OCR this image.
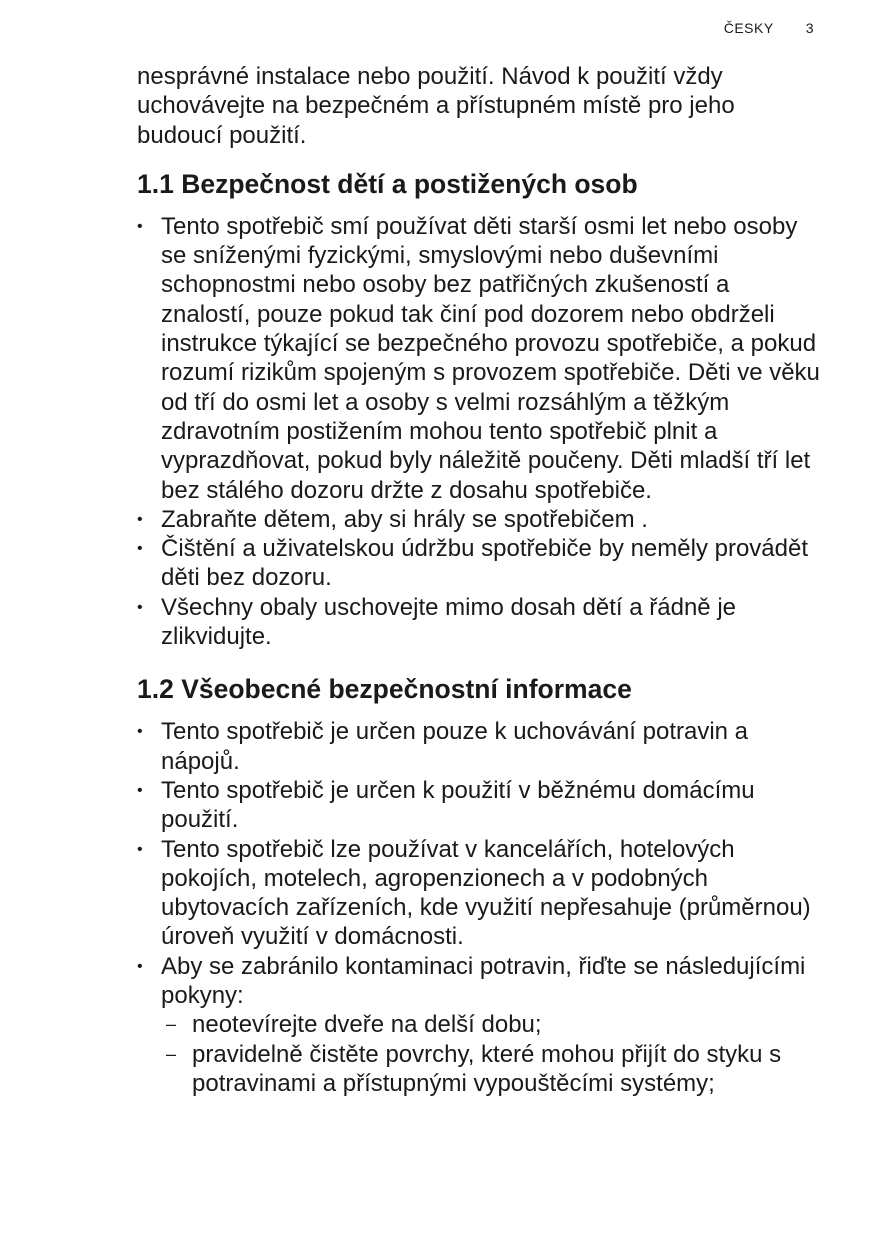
ČESKY 3

nesprávné instalace nebo použití. Návod k použití vždy uchovávejte na bezpečném a přístupném místě pro jeho budoucí použití.

1.1 Bezpečnost dětí a postižených osob
• Tento spotřebič smí používat děti starší osmi let nebo osoby se sníženými fyzickými, smyslovými nebo duševními schopnostmi nebo osoby bez patřičných zkušeností a znalostí, pouze pokud tak činí pod dozorem nebo obdrželi instrukce týkající se bezpečného provozu spotřebiče, a pokud rozumí rizikům spojeným s provozem spotřebiče. Děti ve věku od tří do osmi let a osoby s velmi rozsáhlým a těžkým zdravotním postižením mohou tento spotřebič plnit a vyprazdňovat, pokud byly náležitě poučeny. Děti mladší tří let bez stálého dozoru držte z dosahu spotřebiče.
• Zabraňte dětem, aby si hrály se spotřebičem .
• Čištění a uživatelskou údržbu spotřebiče by neměly provádět děti bez dozoru.
• Všechny obaly uschovejte mimo dosah dětí a řádně je zlikvidujte.
1.2 Všeobecné bezpečnostní informace
• Tento spotřebič je určen pouze k uchovávání potravin a nápojů.
• Tento spotřebič je určen k použití v běžnému domácímu použití.
• Tento spotřebič lze používat v kancelářích, hotelových pokojích, motelech, agropenzionech a v podobných ubytovacích zařízeních, kde využití nepřesahuje (průměrnou) úroveň využití v domácnosti.
• Aby se zabránilo kontaminaci potravin, řiďte se následujícími pokyny:
– neotevírejte dveře na delší dobu;
– pravidelně čistěte povrchy, které mohou přijít do styku s potravinami a přístupnými vypouštěcími systémy;
